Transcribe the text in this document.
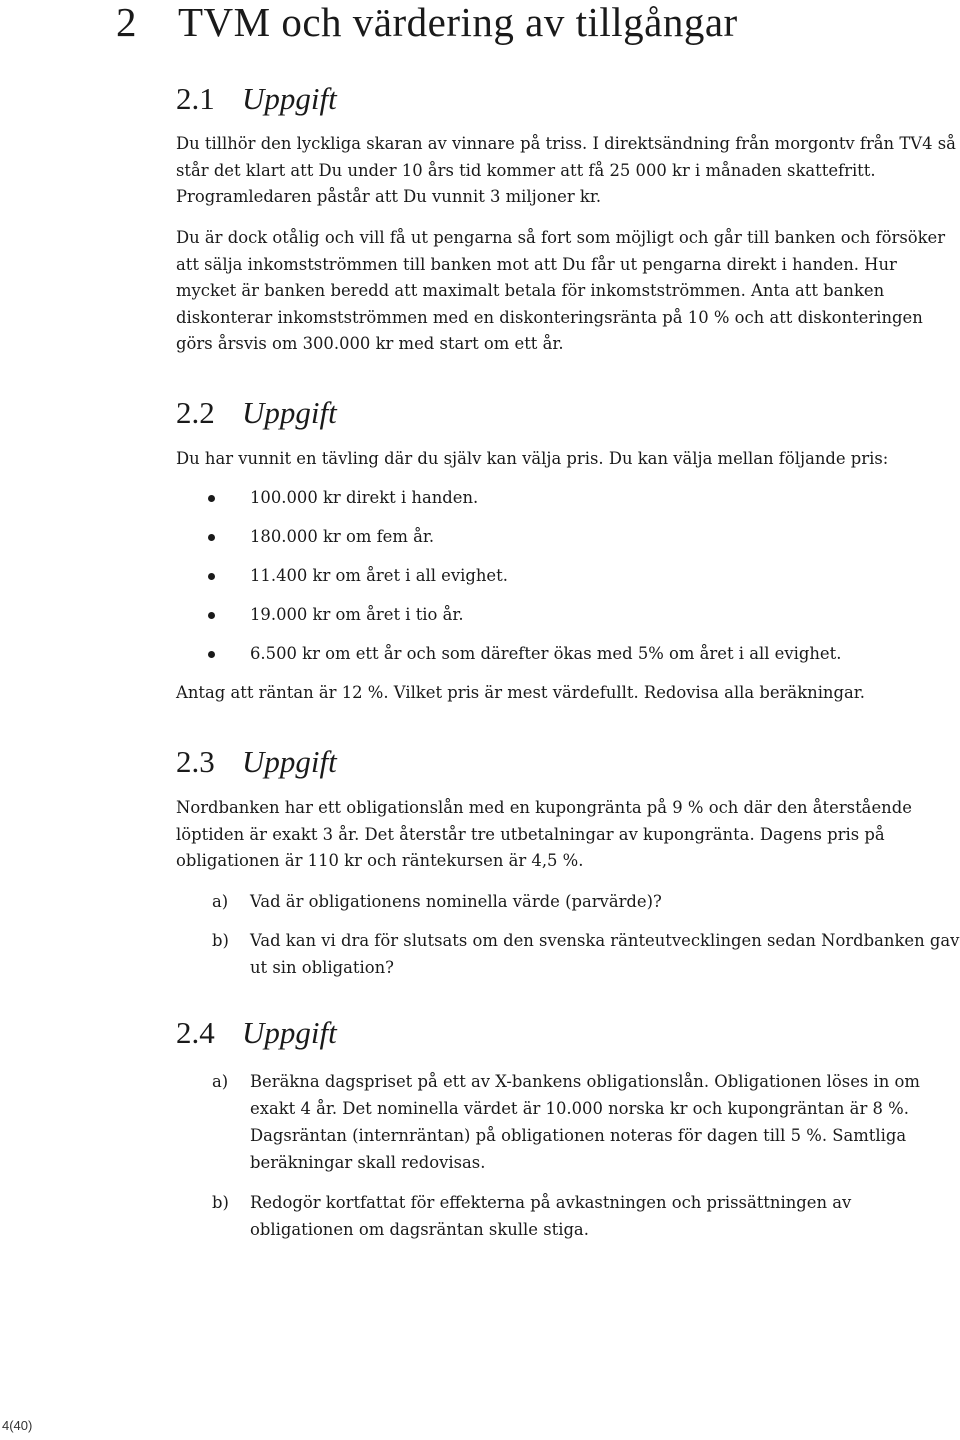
2 TVM och värdering av tillgångar
2.1 Uppgift

Du tillhör den lyckliga skaran av vinnare på triss. I direktsändning från morgontv från TV4 så står det klart att Du under 10 års tid kommer att få 25 000 kr i månaden skattefritt. Programledaren påstår att Du vunnit 3 miljoner kr.

Du är dock otålig och vill få ut pengarna så fort som möjligt och går till banken och försöker att sälja inkomstströmmen till banken mot att Du får ut pengarna direkt i handen. Hur mycket är banken beredd att maximalt betala för inkomstströmmen. Anta att banken diskonterar inkomstströmmen med en diskonteringsränta på 10 % och att diskonteringen görs årsvis om 300.000 kr med start om ett år.

2.2 Uppgift

Du har vunnit en tävling där du själv kan välja pris. Du kan välja mellan följande pris:

100.000 kr direkt i handen.
180.000 kr om fem år.
11.400 kr om året i all evighet.
19.000 kr om året i tio år.
6.500 kr om ett år och som därefter ökas med 5% om året i all evighet.

Antag att räntan är 12 %. Vilket pris är mest värdefullt. Redovisa alla beräkningar.

2.3 Uppgift

Nordbanken har ett obligationslån med en kupongränta på 9 % och där den återstående löptiden är exakt 3 år. Det återstår tre utbetalningar av kupongränta. Dagens pris på obligationen är 110 kr och räntekursen är 4,5 %.

a) Vad är obligationens nominella värde (parvärde)?
b) Vad kan vi dra för slutsats om den svenska ränteutvecklingen sedan Nordbanken gav ut sin obligation?
2.4 Uppgift
a) Beräkna dagspriset på ett av X-bankens obligationslån. Obligationen löses in om exakt 4 år. Det nominella värdet är 10.000 norska kr och kupongräntan är 8 %. Dagsräntan (internräntan) på obligationen noteras för dagen till 5 %. Samtliga beräkningar skall redovisas.
b) Redogör kortfattat för effekterna på avkastningen och prissättningen av obligationen om dagsräntan skulle stiga.
4(40)
